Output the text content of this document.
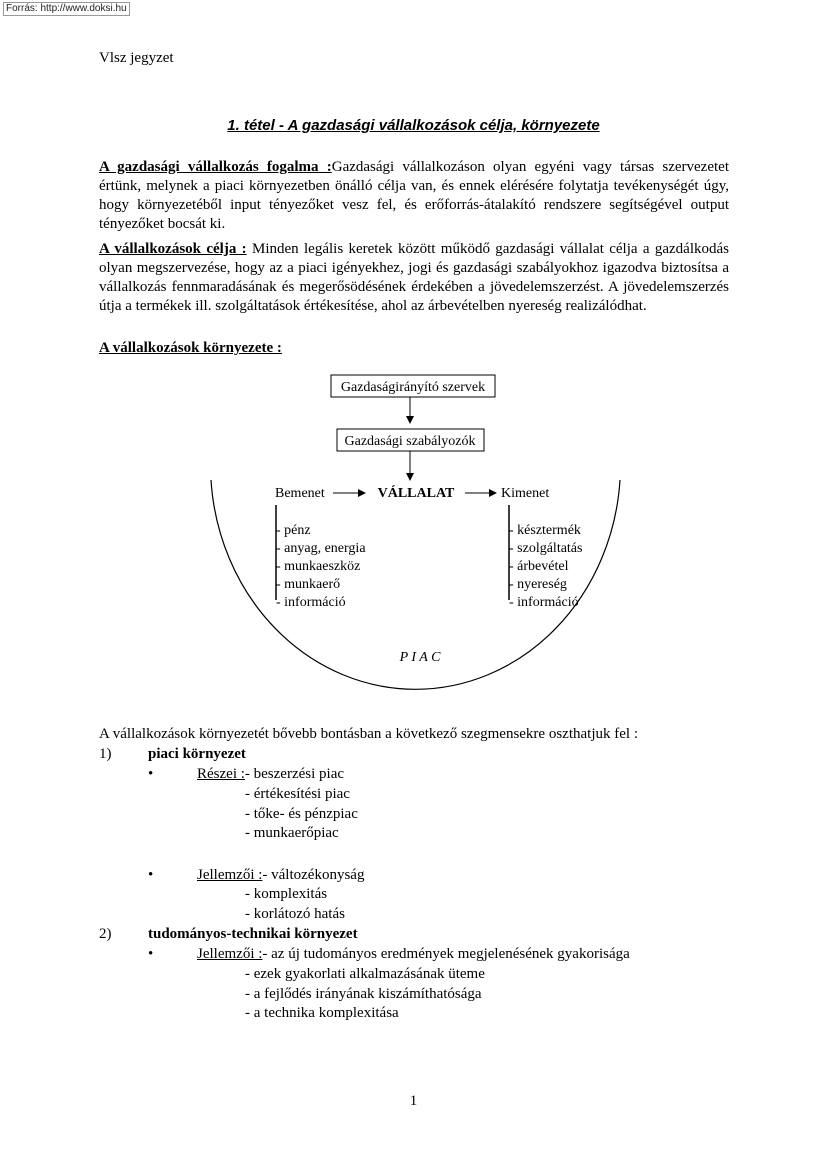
Forrás: http://www.doksi.hu
Vlsz jegyzet
1. tétel - A gazdasági vállalkozások célja, környezete
A gazdasági vállalkozás fogalma :Gazdasági vállalkozáson olyan egyéni vagy társas szervezetet értünk, melynek a piaci környezetben önálló célja van, és ennek elérésére folytatja tevékenységét úgy, hogy környezetéből input tényezőket vesz fel, és erőforrás-átalakító rendszere segítségével output tényezőket bocsát ki.
A vállalkozások célja : Minden legális keretek között működő gazdasági vállalat célja a gazdálkodás olyan megszervezése, hogy az a piaci igényekhez, jogi és gazdasági szabályokhoz igazodva biztosítsa a vállalkozás fennmaradásának és megerősödésének érdekében a jövedelemszerzést. A jövedelemszerzés útja a termékek ill. szolgáltatások értékesítése, ahol az árbevételben nyereség realizálódhat.
A vállalkozások környezete :
Gazdaságirányító szervek
Gazdasági szabályozók
Bemenet	VÁLLALAT	Kimenet
- pénz
- anyag, energia
- munkaeszköz
- munkaerő
- információ
- késztermék
- szolgáltatás
- árbevétel
- nyereség
- információ
P I A C
A vállalkozások környezetét bővebb bontásban a következő szegmensekre oszthatjuk fel :
1) piaci környezet
•	Részei :- beszerzési piac
- értékesítési piac
- tőke- és pénzpiac
- munkaerőpiac
•	Jellemzői :- változékonyság
- komplexitás
- korlátozó hatás
2) tudományos-technikai környezet
•	Jellemzői :- az új tudományos eredmények megjelenésének gyakorisága
- ezek gyakorlati alkalmazásának üteme
- a fejlődés irányának kiszámíthatósága
- a technika komplexitása
1
